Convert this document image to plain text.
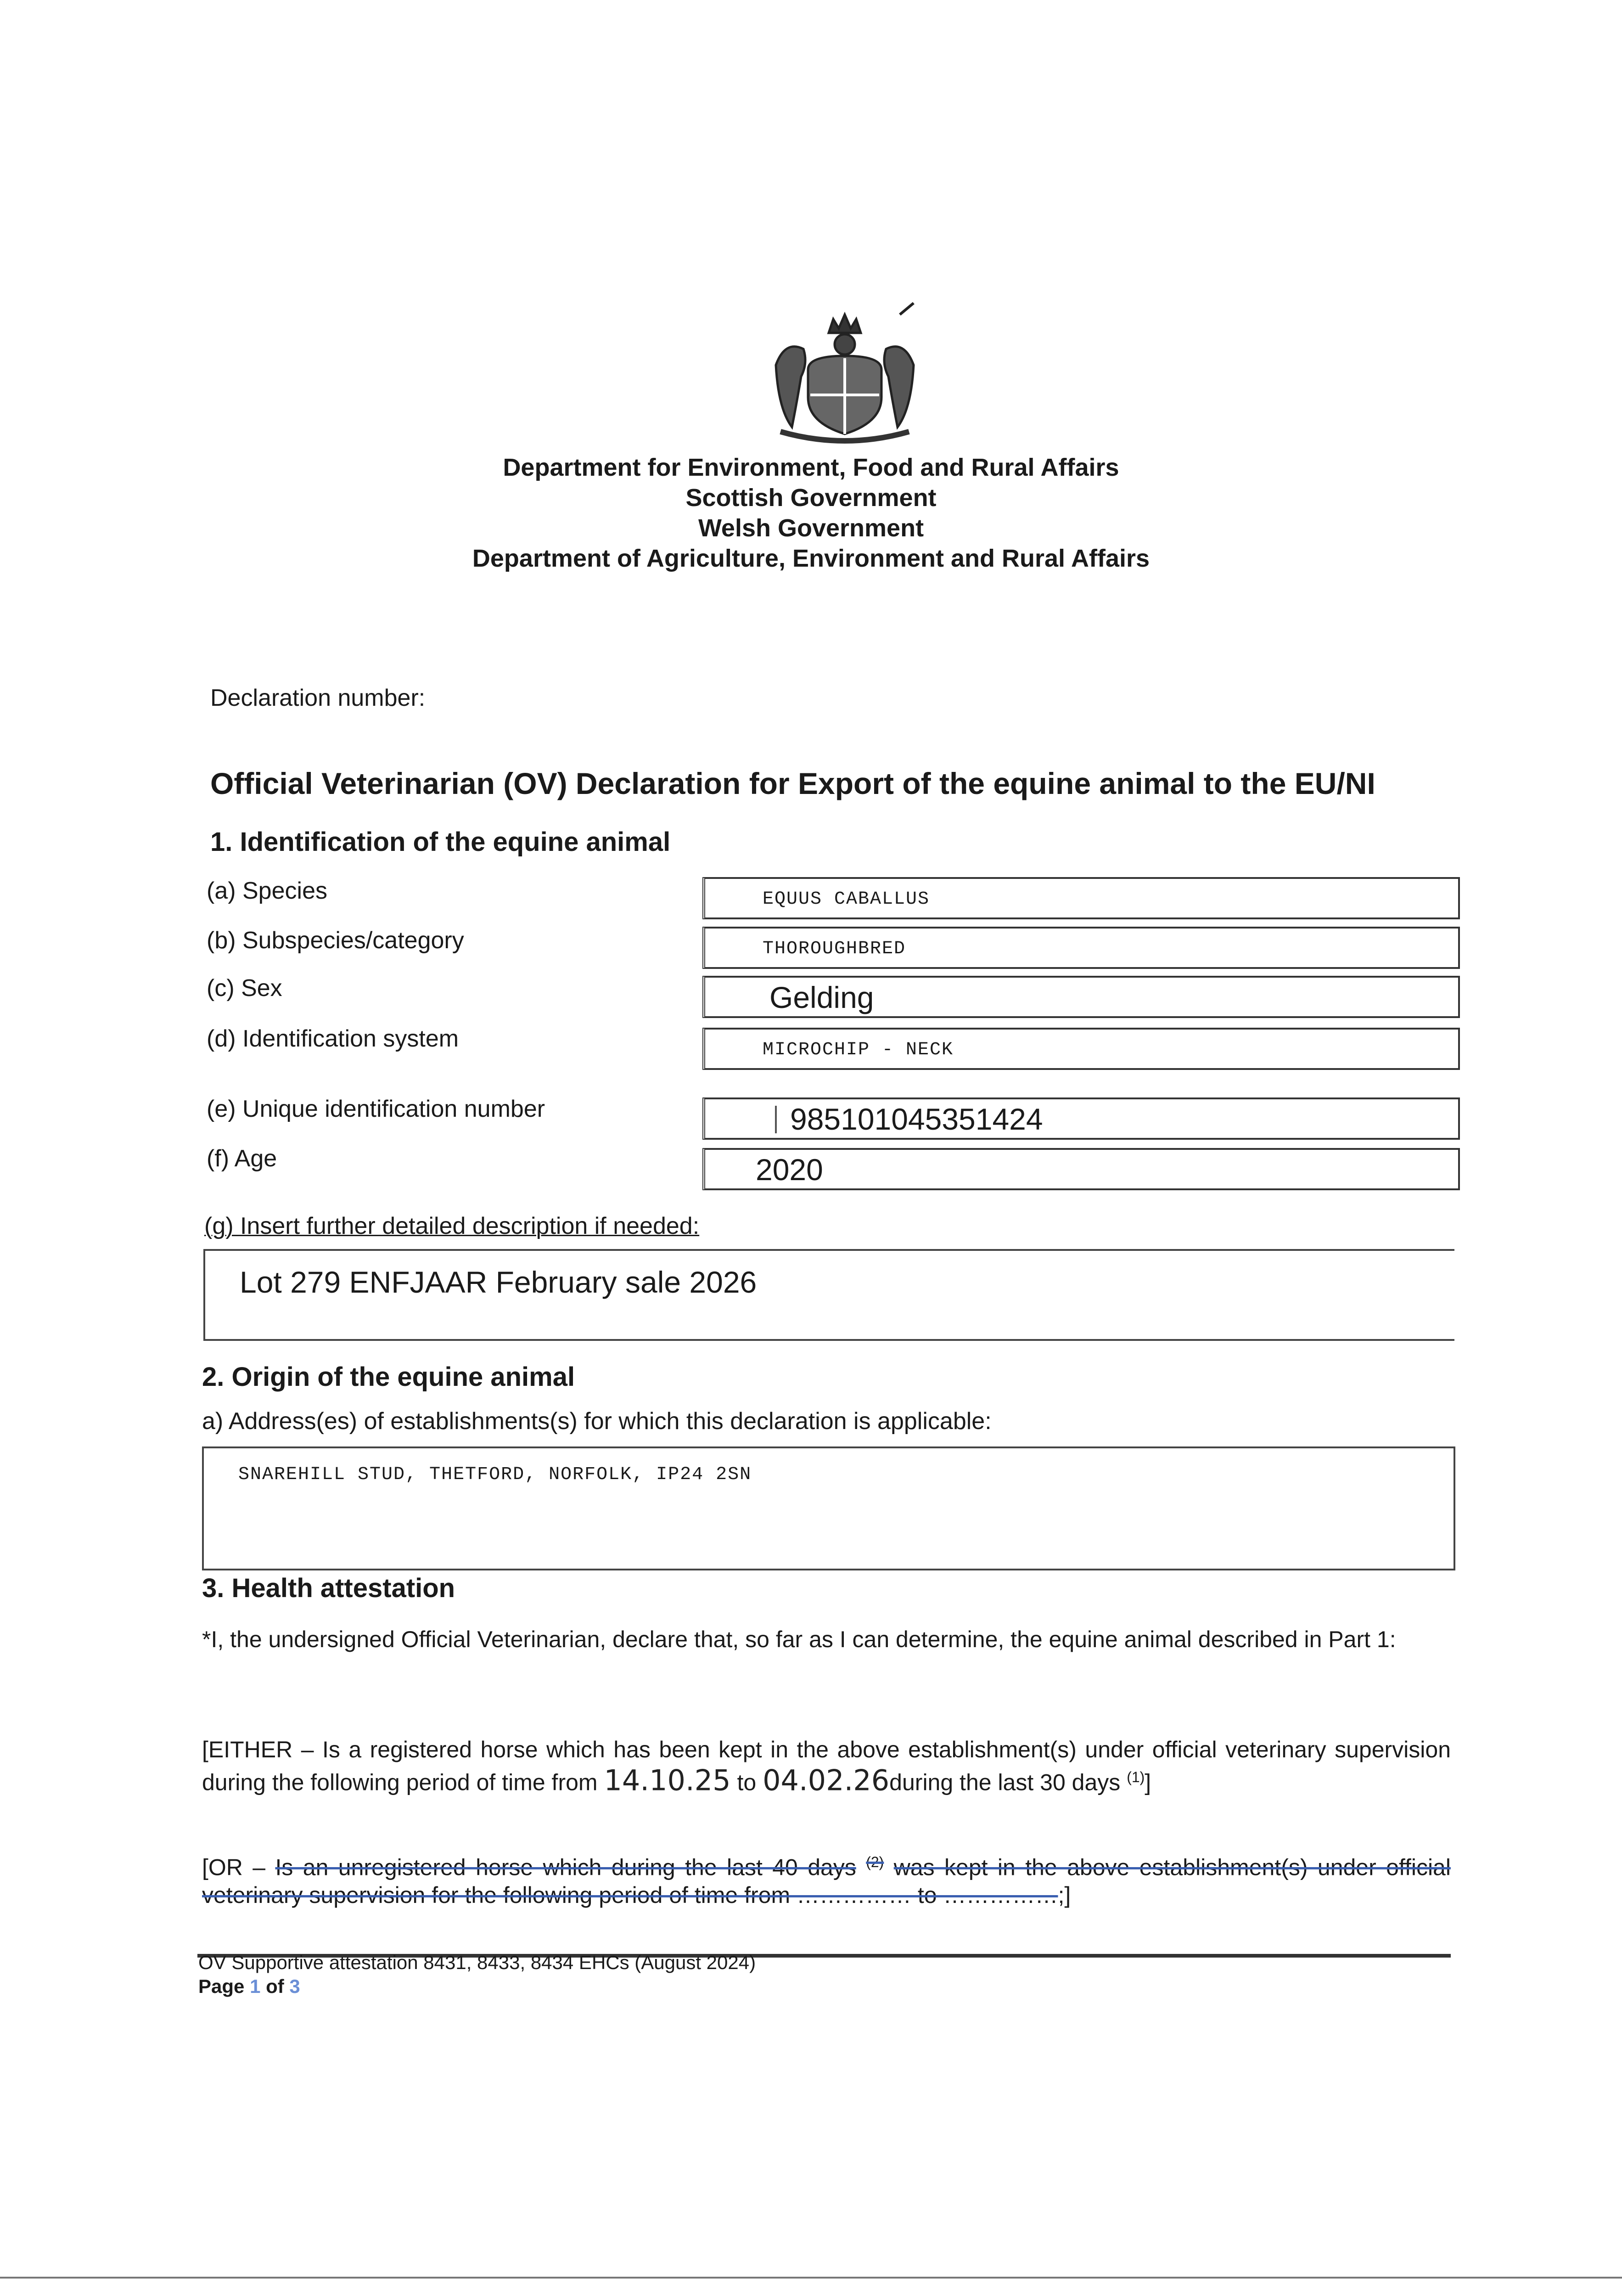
Department for Environment, Food and Rural Affairs
Scottish Government
Welsh Government
Department of Agriculture, Environment and Rural Affairs
Declaration number:
Official Veterinarian (OV) Declaration for Export of the equine animal to the EU/NI
1. Identification of the equine animal
(a) Species	EQUUS CABALLUS
(b) Subspecies/category	THOROUGHBRED
(c) Sex	Gelding
(d) Identification system	MICROCHIP - NECK
(e) Unique identification number	985101045351424
(f) Age	2020
(g) Insert further detailed description if needed:
Lot 279 ENFJAAR February sale 2026
2. Origin of the equine animal
a) Address(es) of establishments(s) for which this declaration is applicable:
SNAREHILL STUD, THETFORD, NORFOLK, IP24 2SN
3. Health attestation
*I, the undersigned Official Veterinarian, declare that, so far as I can determine, the equine animal described in Part 1:
[EITHER – Is a registered horse which has been kept in the above establishment(s) under official veterinary supervision during the following period of time from 14.10.25 to 04.02.26during the last 30 days $^{(1)}$]
[OR – Is an unregistered horse which during the last 40 days $^{(2)}$ was kept in the above establishment(s) under official veterinary supervision for the following period of time from …………… to ……………;]
OV Supportive attestation 8431, 8433, 8434 EHCs (August 2024)
Page 1 of 3
